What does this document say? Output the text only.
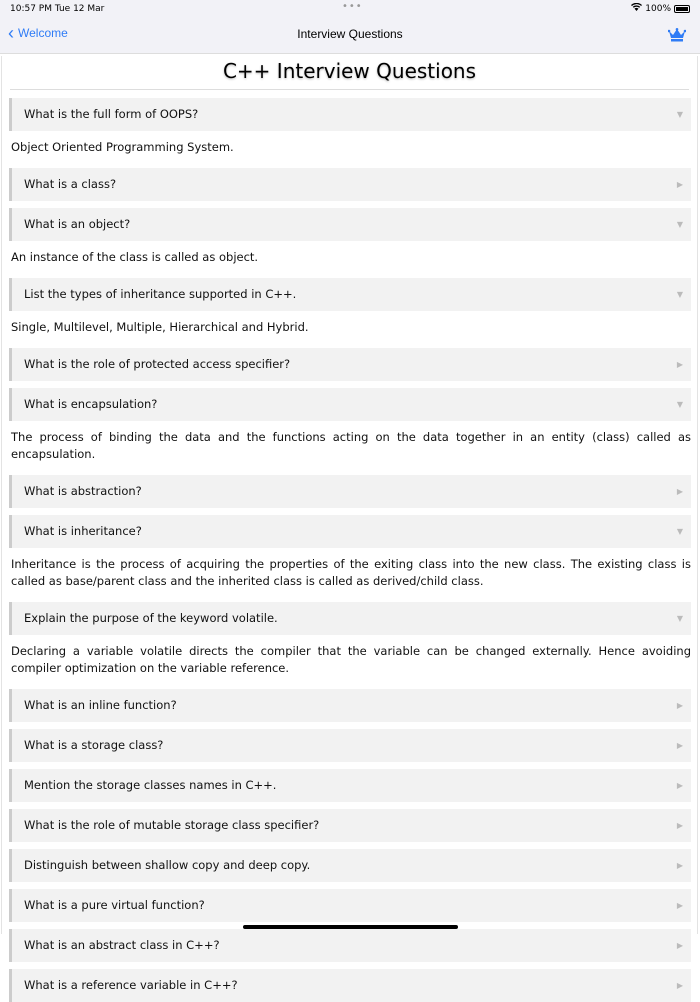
10:57 PM Tue 12 Mar	•••	100%
‹ Welcome	Interview Questions
C++ Interview Questions
What is the full form of OOPS?	▼
Object Oriented Programming System.
What is a class?	▶
What is an object?	▼
An instance of the class is called as object.
List the types of inheritance supported in C++.	▼
Single, Multilevel, Multiple, Hierarchical and Hybrid.
What is the role of protected access specifier?	▶
What is encapsulation?	▼
The process of binding the data and the functions acting on the data together in an entity (class) called as encapsulation.
What is abstraction?	▶
What is inheritance?	▼
Inheritance is the process of acquiring the properties of the exiting class into the new class. The existing class is called as base/parent class and the inherited class is called as derived/child class.
Explain the purpose of the keyword volatile.	▼
Declaring a variable volatile directs the compiler that the variable can be changed externally. Hence avoiding compiler optimization on the variable reference.
What is an inline function?	▶
What is a storage class?	▶
Mention the storage classes names in C++.	▶
What is the role of mutable storage class specifier?	▶
Distinguish between shallow copy and deep copy.	▶
What is a pure virtual function?	▶
What is an abstract class in C++?	▶
What is a reference variable in C++?	▶
